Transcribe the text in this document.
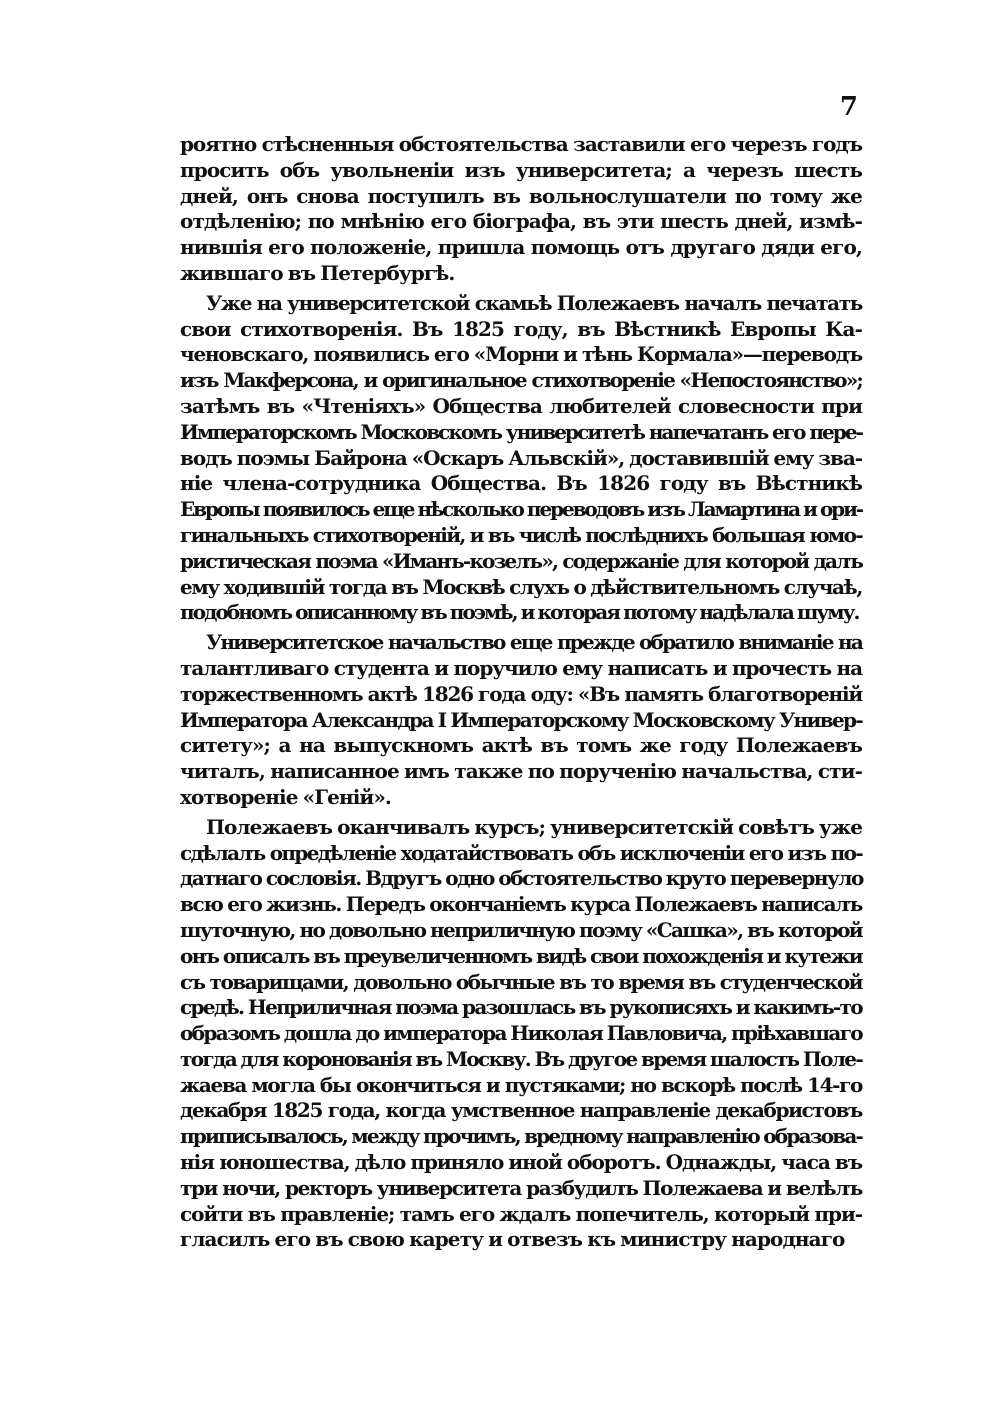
7
роятно стѣсненныя обстоятельства заставили его черезъ годъ
просить объ увольненіи изъ университета; а черезъ шесть
дней, онъ снова поступилъ въ вольнослушатели по тому же
отдѣленію; по мнѣнію его біографа, въ эти шесть дней, измѣ-
нившія его положеніе, пришла помощь отъ другаго дяди его,
жившаго въ Петербургѣ.
Уже на университетской скамьѣ Полежаевъ началъ печатать
свои стихотворенія. Въ 1825 году, въ Вѣстникѣ Европы Ка-
ченовскаго, появились его «Морни и тѣнь Кормала»—переводъ
изъ Макферсона, и оригинальное стихотвореніе «Непостоянство»;
затѣмъ въ «Чтеніяхъ» Общества любителей словесности при
Императорскомъ Московскомъ университетѣ напечатанъ его пере-
водъ поэмы Байрона «Оскаръ Альвскій», доставившій ему зва-
ніе члена-сотрудника Общества. Въ 1826 году въ Вѣстникѣ
Европы появилось еще нѣсколько переводовъ изъ Ламартина и ори-
гинальныхъ стихотвореній, и въ числѣ послѣднихъ большая юмо-
ристическая поэма «Иманъ-козелъ», содержаніе для которой далъ
ему ходившій тогда въ Москвѣ слухъ о дѣйствительномъ случаѣ,
подобномъ описанному въ поэмѣ, и которая потому надѣлала шуму.
Университетское начальство еще прежде обратило вниманіе на
талантливаго студента и поручило ему написать и прочесть на
торжественномъ актѣ 1826 года оду: «Въ память благотвореній
Императора Александра I Императорскому Московскому Универ-
ситету»; а на выпускномъ актѣ въ томъ же году Полежаевъ
читалъ, написанное имъ также по порученію начальства, сти-
хотвореніе «Геній».
Полежаевъ оканчивалъ курсъ; университетскій совѣтъ уже
сдѣлалъ опредѣленіе ходатайствовать объ исключеніи его изъ по-
датнаго сословія. Вдругъ одно обстоятельство круто перевернуло
всю его жизнь. Передъ окончаніемъ курса Полежаевъ написалъ
шуточную, но довольно неприличную поэму «Сашка», въ которой
онъ описалъ въ преувеличенномъ видѣ свои похожденія и кутежи
съ товарищами, довольно обычные въ то время въ студенческой
средѣ. Неприличная поэма разошлась въ рукописяхъ и какимъ-то
образомъ дошла до императора Николая Павловича, пріѣхавшаго
тогда для коронованія въ Москву. Въ другое время шалость Поле-
жаева могла бы окончиться и пустяками; но вскорѣ послѣ 14-го
декабря 1825 года, когда умственное направленіе декабристовъ
приписывалось, между прочимъ, вредному направленію образова-
нія юношества, дѣло приняло иной оборотъ. Однажды, часа въ
три ночи, ректоръ университета разбудилъ Полежаева и велѣлъ
сойти въ правленіе; тамъ его ждалъ попечитель, который при-
гласилъ его въ свою карету и отвезъ къ министру народнаго
